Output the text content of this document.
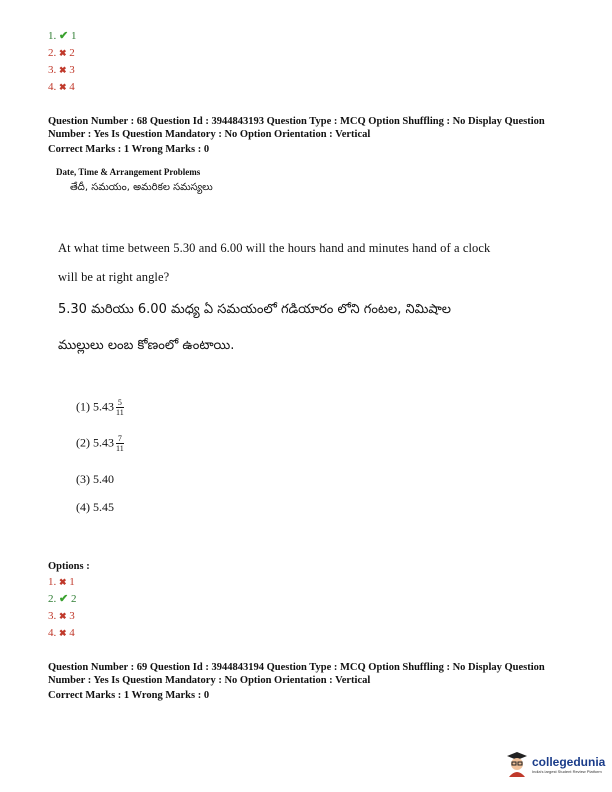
1. ✔ 1
2. ✖ 2
3. ✖ 3
4. ✖ 4
Question Number : 68 Question Id : 3944843193 Question Type : MCQ Option Shuffling : No Display Question
Number : Yes Is Question Mandatory : No Option Orientation : Vertical
Correct Marks : 1 Wrong Marks : 0
Date, Time & Arrangement Problems
తేదీ, సమయం, అమరికల సమస్యలు
At what time between 5.30 and 6.00 will the hours hand and minutes hand of a clock
will be at right angle?
5.30 మరియు 6.00 మధ్య ఏ సమయంలో గడియారం లోని గంటల, నిమిషాల
ముల్లులు లంబ కోణంలో ఉంటాయి.
(1) $5.43 \frac{5}{11}$
(2) $5.43 \frac{7}{11}$
(3) 5.40
(4) 5.45
Options :
1. ✖ 1
2. ✔ 2
3. ✖ 3
4. ✖ 4
Question Number : 69 Question Id : 3944843194 Question Type : MCQ Option Shuffling : No Display Question
Number : Yes Is Question Mandatory : No Option Orientation : Vertical
Correct Marks : 1 Wrong Marks : 0
collegedunia
India's largest Student Review Platform
